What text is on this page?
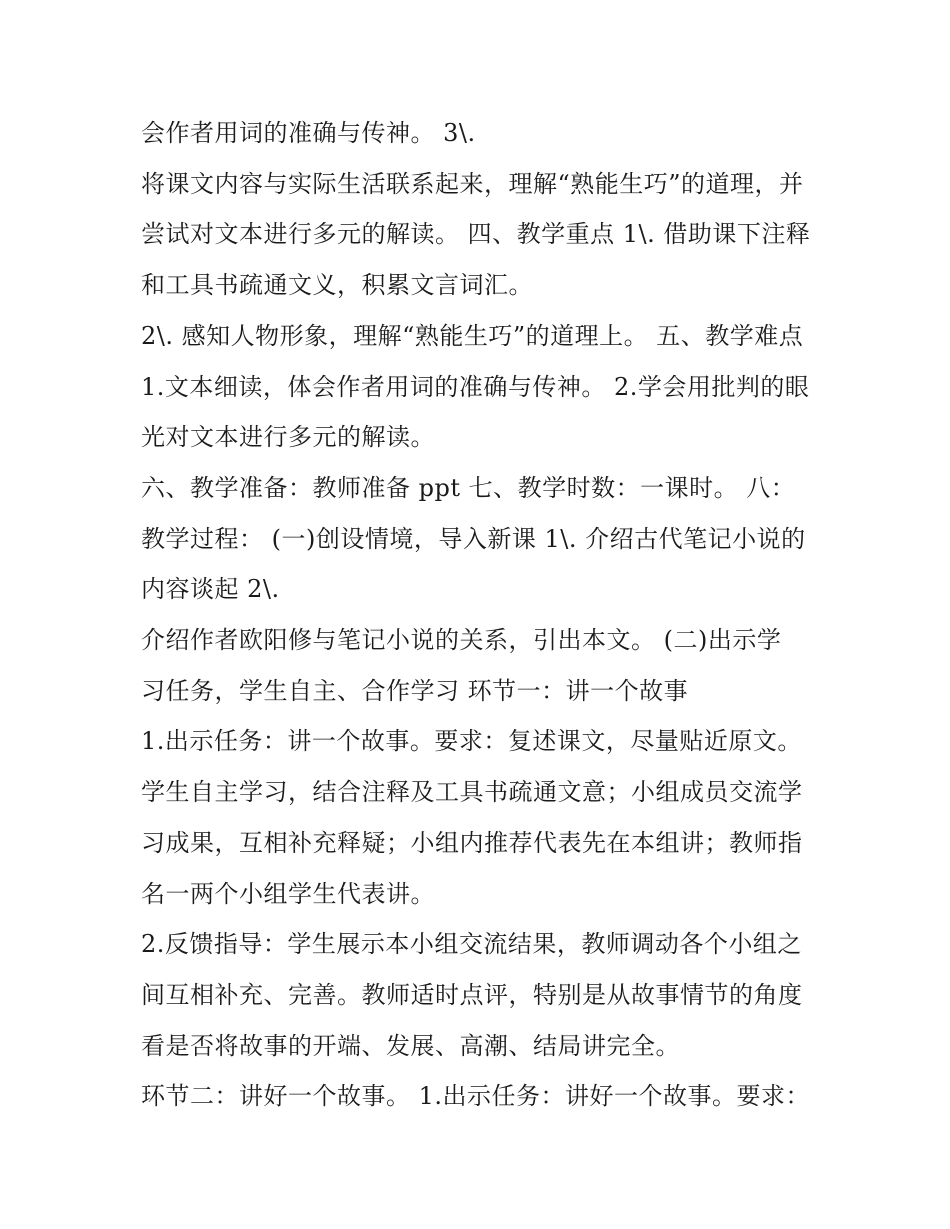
会作者用词的准确与传神。 3\.
将课文内容与实际生活联系起来，理解“熟能生巧”的道理，并
尝试对文本进行多元的解读。 四、教学重点 1\. 借助课下注释
和工具书疏通文义，积累文言词汇。
2\. 感知人物形象，理解“熟能生巧”的道理上。 五、教学难点
1.文本细读，体会作者用词的准确与传神。 2.学会用批判的眼
光对文本进行多元的解读。
六、教学准备：教师准备 ppt 七、教学时数：一课时。 八：
教学过程： (一)创设情境，导入新课 1\. 介绍古代笔记小说的
内容谈起 2\.
介绍作者欧阳修与笔记小说的关系，引出本文。 (二)出示学
习任务，学生自主、合作学习 环节一：讲一个故事
1.出示任务：讲一个故事。要求：复述课文，尽量贴近原文。
学生自主学习，结合注释及工具书疏通文意；小组成员交流学
习成果，互相补充释疑；小组内推荐代表先在本组讲；教师指
名一两个小组学生代表讲。
2.反馈指导：学生展示本小组交流结果，教师调动各个小组之
间互相补充、完善。教师适时点评，特别是从故事情节的角度
看是否将故事的开端、发展、高潮、结局讲完全。
环节二：讲好一个故事。 1.出示任务：讲好一个故事。要求：
